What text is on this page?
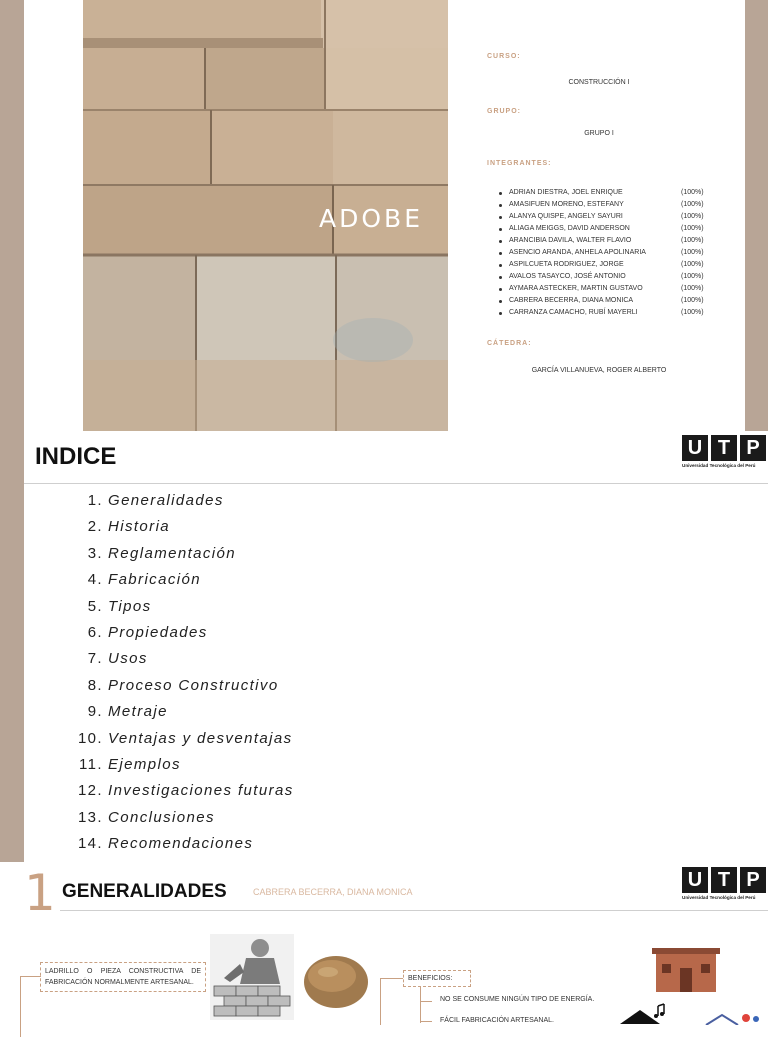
ADOBE
CURSO:
CONSTRUCCIÓN I
GRUPO:
GRUPO I
INTEGRANTES:
ADRIAN DIESTRA, JOEL ENRIQUE	(100%)
AMASIFUEN MORENO, ESTEFANY	(100%)
ALANYA QUISPE, ANGELY SAYURI	(100%)
ALIAGA MEIGGS, DAVID ANDERSON	(100%)
ARANCIBIA DAVILA, WALTER FLAVIO	(100%)
ASENCIO ARANDA, ANHELA APOLINARIA	(100%)
ASPILCUETA RODRIGUEZ, JORGE	(100%)
AVALOS TASAYCO, JOSÉ ANTONIO	(100%)
AYMARA ASTECKER, MARTIN GUSTAVO	(100%)
CABRERA BECERRA, DIANA MONICA	(100%)
CARRANZA CAMACHO, RUBÍ MAYERLI	(100%)
CÁTEDRA:
GARCÍA VILLANUEVA, ROGER ALBERTO
INDICE	U T P
Universidad Tecnológica del Perú
1. Generalidades
2. Historia
3. Reglamentación
4. Fabricación
5. Tipos
6. Propiedades
7. Usos
8. Proceso Constructivo
9. Metraje
10. Ventajas y desventajas
11. Ejemplos
12. Investigaciones futuras
13. Conclusiones
14. Recomendaciones
1 GENERALIDADES	CABRERA BECERRA, DIANA MONICA
U T P
Universidad Tecnológica del Perú
LADRILLO O PIEZA CONSTRUCTIVA DE FABRICACIÓN NORMALMENTE ARTESANAL.
BENEFICIOS:
NO SE CONSUME NINGÚN TIPO DE ENERGÍA.
FÁCIL FABRICACIÓN ARTESANAL.
